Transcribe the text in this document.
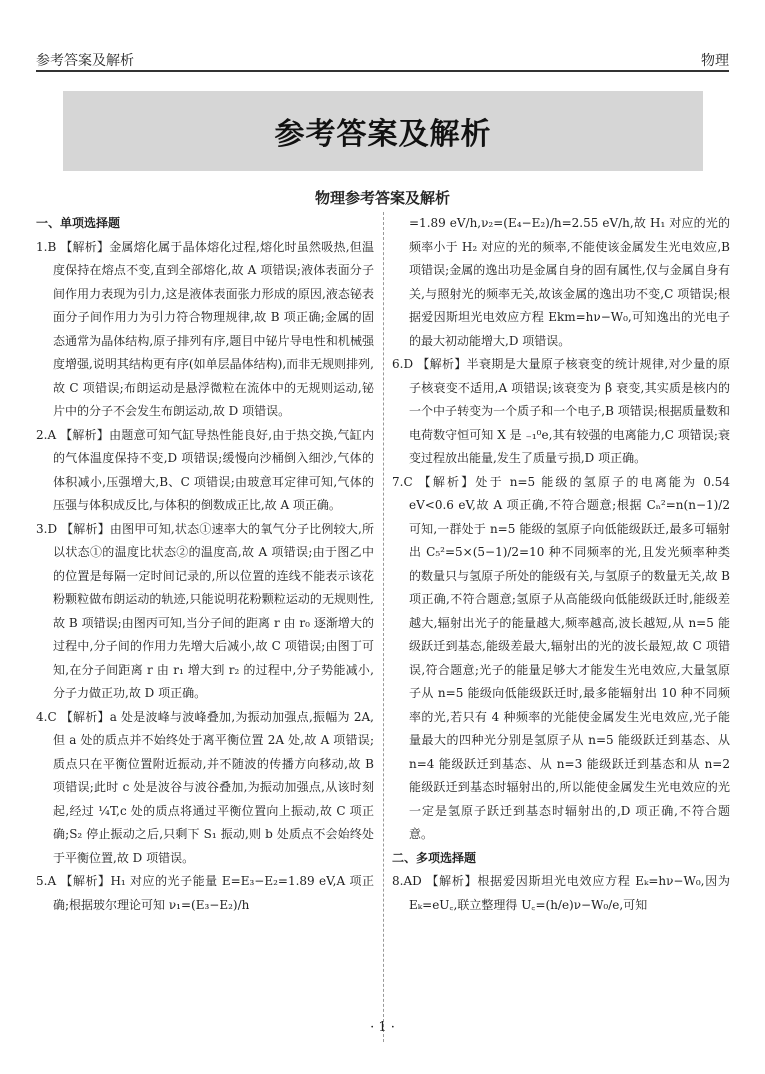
参考答案及解析	物理
参考答案及解析
物理参考答案及解析
一、单项选择题
1.B 【解析】金属熔化属于晶体熔化过程,熔化时虽然吸热,但温度保持在熔点不变,直到全部熔化,故 A 项错误;液体表面分子间作用力表现为引力,这是液体表面张力形成的原因,液态铋表面分子间作用力为引力符合物理规律,故 B 项正确;金属的固态通常为晶体结构,原子排列有序,题目中铋片导电性和机械强度增强,说明其结构更有序(如单层晶体结构),而非无规则排列,故 C 项错误;布朗运动是悬浮微粒在流体中的无规则运动,铋片中的分子不会发生布朗运动,故 D 项错误。
2.A 【解析】由题意可知气缸导热性能良好,由于热交换,气缸内的气体温度保持不变,D 项错误;缓慢向沙桶倒入细沙,气体的体积减小,压强增大,B、C 项错误;由玻意耳定律可知,气体的压强与体积成反比,与体积的倒数成正比,故 A 项正确。
3.D 【解析】由图甲可知,状态①速率大的氧气分子比例较大,所以状态①的温度比状态②的温度高,故 A 项错误;由于图乙中的位置是每隔一定时间记录的,所以位置的连线不能表示该花粉颗粒做布朗运动的轨迹,只能说明花粉颗粒运动的无规则性,故 B 项错误;由图丙可知,当分子间的距离 r 由 r₀ 逐渐增大的过程中,分子间的作用力先增大后减小,故 C 项错误;由图丁可知,在分子间距离 r 由 r₁ 增大到 r₂ 的过程中,分子势能减小,分子力做正功,故 D 项正确。
4.C 【解析】a 处是波峰与波峰叠加,为振动加强点,振幅为 2A,但 a 处的质点并不始终处于离平衡位置 2A 处,故 A 项错误;质点只在平衡位置附近振动,并不随波的传播方向移动,故 B 项错误;此时 c 处是波谷与波谷叠加,为振动加强点,从该时刻起,经过 ¼T,c 处的质点将通过平衡位置向上振动,故 C 项正确;S₂ 停止振动之后,只剩下 S₁ 振动,则 b 处质点不会始终处于平衡位置,故 D 项错误。
5.A 【解析】H₁ 对应的光子能量 E=E₃−E₂=1.89 eV,A 项正确;根据玻尔理论可知 ν₁=(E₃−E₂)/h
=1.89 eV/h,ν₂=(E₄−E₂)/h=2.55 eV/h,故 H₁ 对应的光的频率小于 H₂ 对应的光的频率,不能使该金属发生光电效应,B 项错误;金属的逸出功是金属自身的固有属性,仅与金属自身有关,与照射光的频率无关,故该金属的逸出功不变,C 项错误;根据爱因斯坦光电效应方程 Ekm=hν−W₀,可知逸出的光电子的最大初动能增大,D 项错误。
6.D 【解析】半衰期是大量原子核衰变的统计规律,对少量的原子核衰变不适用,A 项错误;该衰变为 β 衰变,其实质是核内的一个中子转变为一个质子和一个电子,B 项错误;根据质量数和电荷数守恒可知 X 是 ₋₁⁰e,其有较强的电离能力,C 项错误;衰变过程放出能量,发生了质量亏损,D 项正确。
7.C 【解析】处于 n=5 能级的氢原子的电离能为 0.54 eV<0.6 eV,故 A 项正确,不符合题意;根据 Cₙ²=n(n−1)/2 可知,一群处于 n=5 能级的氢原子向低能级跃迁,最多可辐射出 C₅²=5×(5−1)/2=10 种不同频率的光,且发光频率种类的数量只与氢原子所处的能级有关,与氢原子的数量无关,故 B 项正确,不符合题意;氢原子从高能级向低能级跃迁时,能级差越大,辐射出光子的能量越大,频率越高,波长越短,从 n=5 能级跃迁到基态,能级差最大,辐射出的光的波长最短,故 C 项错误,符合题意;光子的能量足够大才能发生光电效应,大量氢原子从 n=5 能级向低能级跃迁时,最多能辐射出 10 种不同频率的光,若只有 4 种频率的光能使金属发生光电效应,光子能量最大的四种光分别是氢原子从 n=5 能级跃迁到基态、从 n=4 能级跃迁到基态、从 n=3 能级跃迁到基态和从 n=2 能级跃迁到基态时辐射出的,所以能使金属发生光电效应的光一定是氢原子跃迁到基态时辐射出的,D 项正确,不符合题意。
二、多项选择题
8.AD 【解析】根据爱因斯坦光电效应方程 Eₖ=hν−W₀,因为 Eₖ=eU꜀,联立整理得 U꜀=(h/e)ν−W₀/e,可知
· 1 ·
